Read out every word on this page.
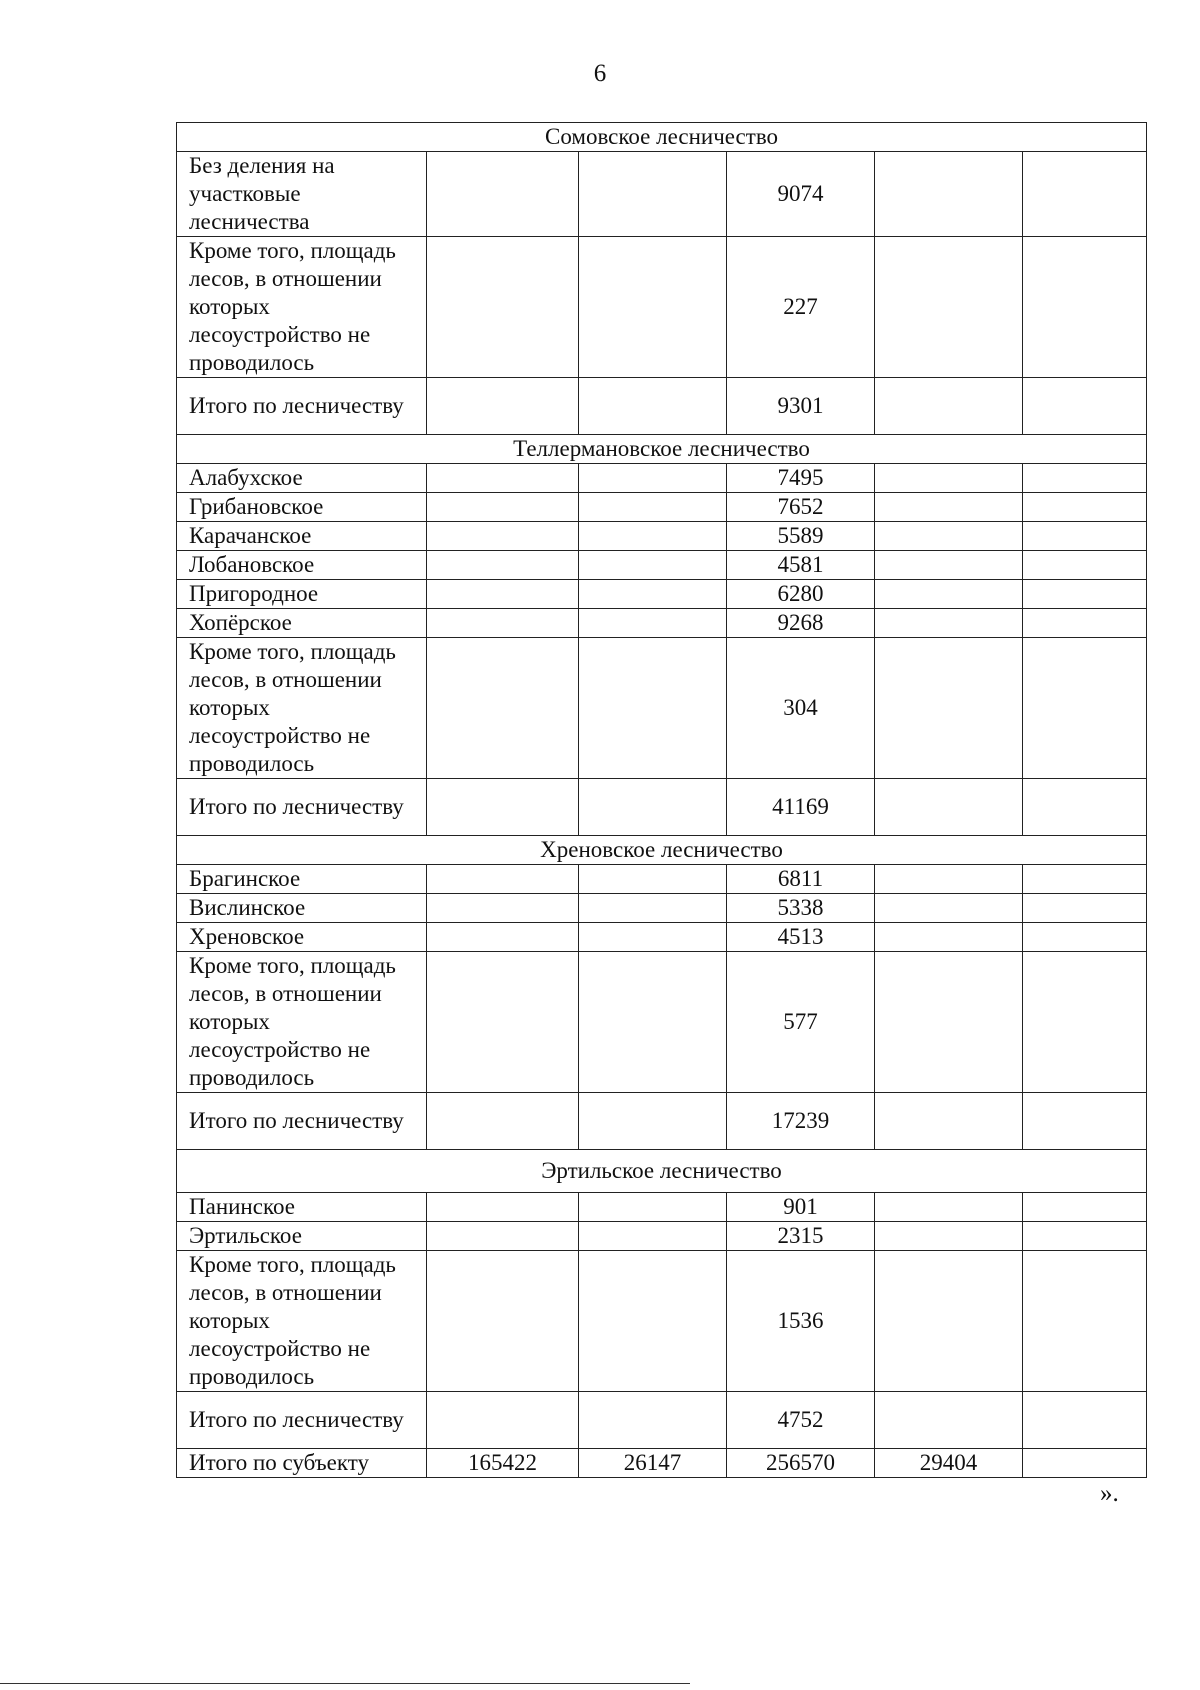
6
Сомовское лесничество					
Без деления на участковые лесничества			9074		
Кроме того, площадь лесов, в отношении которых лесоустройство не проводилось			227		
Итого по лесничеству			9301		
Теллермановское лесничество					
Алабухское			7495		
Грибановское			7652		
Карачанское			5589		
Лобановское			4581		
Пригородное			6280		
Хопёрское			9268		
Кроме того, площадь лесов, в отношении которых лесоустройство не проводилось			304		
Итого по лесничеству			41169		
Хреновское лесничество					
Брагинское			6811		
Вислинское			5338		
Хреновское			4513		
Кроме того, площадь лесов, в отношении которых лесоустройство не проводилось			577		
Итого по лесничеству			17239		
Эртильское лесничество					
Панинское			901		
Эртильское			2315		
Кроме того, площадь лесов, в отношении которых лесоустройство не проводилось			1536		
Итого по лесничеству			4752		
Итого по субъекту	165422	26147	256570	29404	
».
